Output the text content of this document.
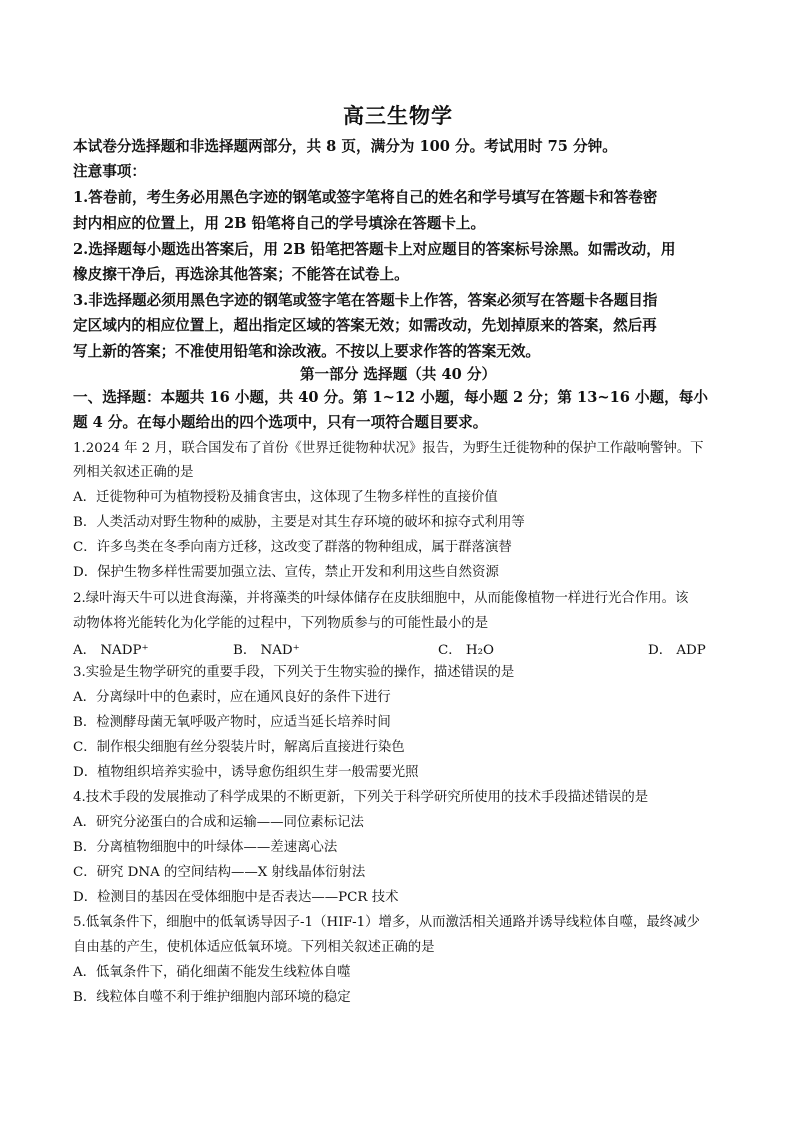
高三生物学
本试卷分选择题和非选择题两部分，共 8 页，满分为 100 分。考试用时 75 分钟。
注意事项：
1.答卷前，考生务必用黑色字迹的钢笔或签字笔将自己的姓名和学号填写在答题卡和答卷密
封内相应的位置上，用 2B 铅笔将自己的学号填涂在答题卡上。
2.选择题每小题选出答案后，用 2B 铅笔把答题卡上对应题目的答案标号涂黑。如需改动，用
橡皮擦干净后，再选涂其他答案；不能答在试卷上。
3.非选择题必须用黑色字迹的钢笔或签字笔在答题卡上作答，答案必须写在答题卡各题目指
定区域内的相应位置上，超出指定区域的答案无效；如需改动，先划掉原来的答案，然后再
写上新的答案；不准使用铅笔和涂改液。不按以上要求作答的答案无效。
第一部分 选择题（共 40 分）
一、选择题：本题共 16 小题，共 40 分。第 1~12 小题，每小题 2 分；第 13~16 小题，每小
题 4 分。在每小题给出的四个选项中，只有一项符合题目要求。
1.2024 年 2 月，联合国发布了首份《世界迁徙物种状况》报告，为野生迁徙物种的保护工作敲响警钟。下
列相关叙述正确的是
A．迁徙物种可为植物授粉及捕食害虫，这体现了生物多样性的直接价值
B．人类活动对野生物种的威胁，主要是对其生存环境的破坏和掠夺式利用等
C．许多鸟类在冬季向南方迁移，这改变了群落的物种组成，属于群落演替
D．保护生物多样性需要加强立法、宣传，禁止开发和利用这些自然资源
2.绿叶海天牛可以进食海藻，并将藻类的叶绿体储存在皮肤细胞中，从而能像植物一样进行光合作用。该
动物体将光能转化为化学能的过程中，下列物质参与的可能性最小的是
A． NADP⁺	B． NAD⁺	C． H₂O	D． ADP
3.实验是生物学研究的重要手段，下列关于生物实验的操作，描述错误的是
A．分离绿叶中的色素时，应在通风良好的条件下进行
B．检测酵母菌无氧呼吸产物时，应适当延长培养时间
C．制作根尖细胞有丝分裂装片时，解离后直接进行染色
D．植物组织培养实验中，诱导愈伤组织生芽一般需要光照
4.技术手段的发展推动了科学成果的不断更新，下列关于科学研究所使用的技术手段描述错误的是
A．研究分泌蛋白的合成和运输——同位素标记法
B．分离植物细胞中的叶绿体——差速离心法
C．研究 DNA 的空间结构——X 射线晶体衍射法
D．检测目的基因在受体细胞中是否表达——PCR 技术
5.低氧条件下，细胞中的低氧诱导因子-1（HIF-1）增多，从而激活相关通路并诱导线粒体自噬，最终减少
自由基的产生，使机体适应低氧环境。下列相关叙述正确的是
A．低氧条件下，硝化细菌不能发生线粒体自噬
B．线粒体自噬不利于维护细胞内部环境的稳定
